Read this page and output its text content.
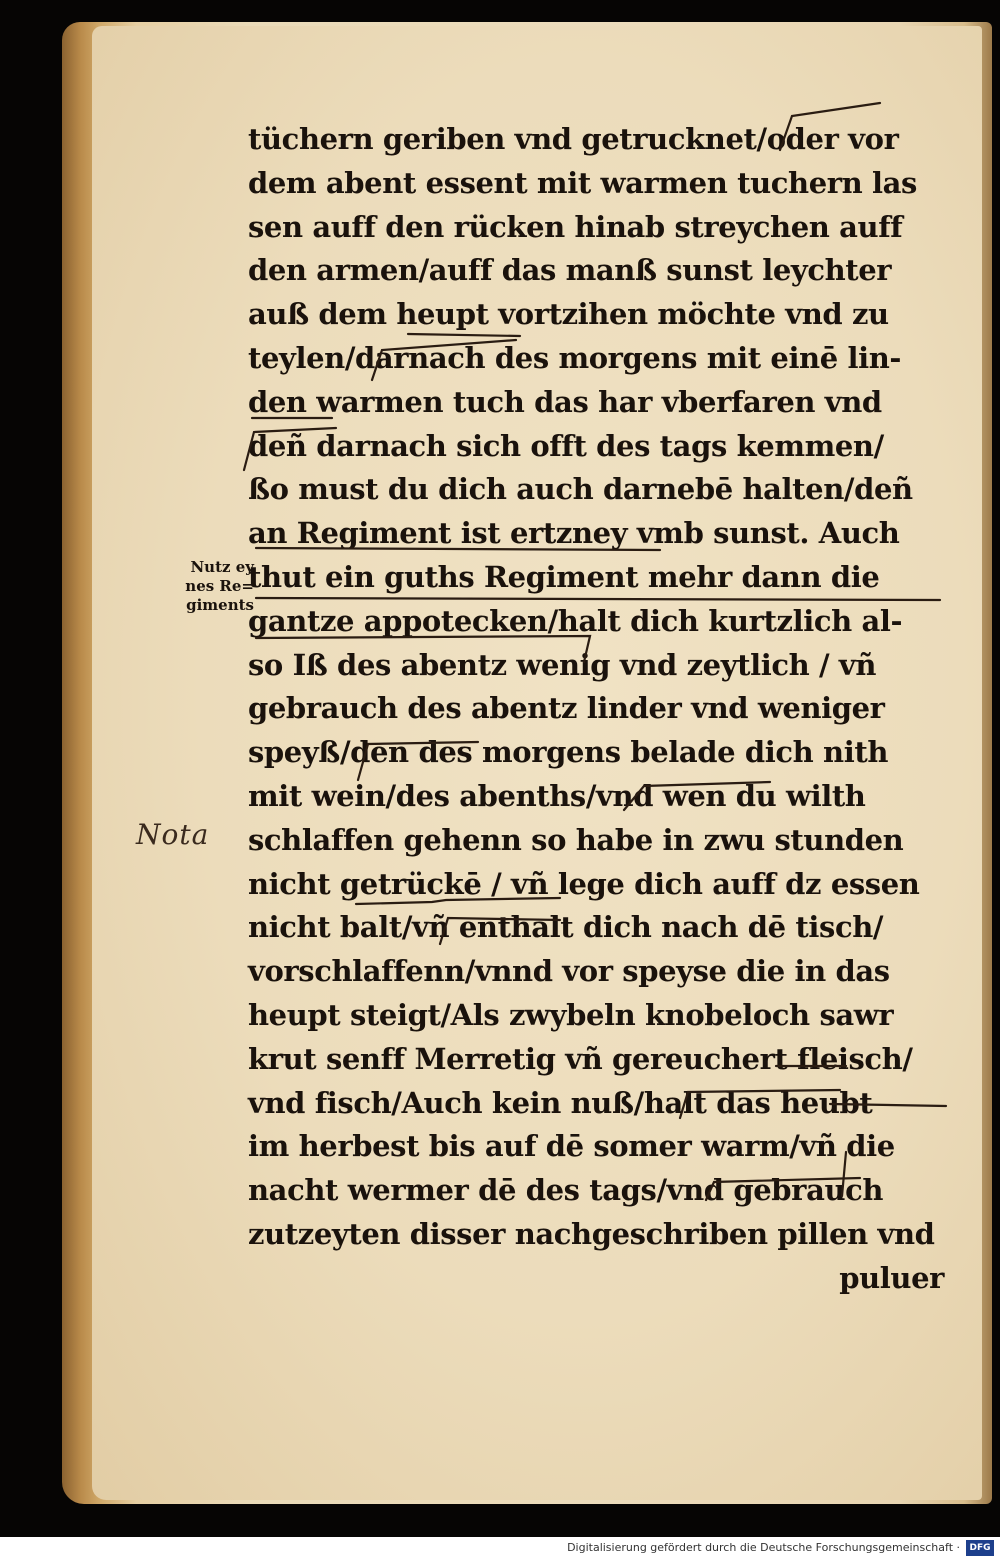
tüchern geriben vnd getrucknet/oder vor
dem abent essent mit warmen tuchern las
sen auff den rücken hinab streychen auff
den armen/auff das manß sunst leychter
auß dem heupt vortzihen möchte vnd zu
teylen/darnach des morgens mit einē lin-
den warmen tuch das har vberfaren vnd
deñ darnach sich offt des tags kemmen/
ßo must du dich auch darnebē halten/deñ
an Regiment ist ertzney vmb sunst. Auch
thut ein guths Regiment mehr dann die
gantze appotecken/halt dich kurtzlich al-
so Iß des abentz wenig vnd zeytlich / vñ
gebrauch des abentz linder vnd weniger
speyß/den des morgens belade dich nith
mit wein/des abenths/vnd wen du wilth
schlaffen gehenn so habe in zwu stunden
nicht getrückē / vñ lege dich auff dz essen
nicht balt/vñ enthalt dich nach dē tisch/
vorschlaffenn/vnnd vor speyse die in das
heupt steigt/Als zwybeln knobeloch sawr
krut senff Merretig vñ gereuchert fleisch/
vnd fisch/Auch kein nuß/halt das heubt
im herbest bis auf dē somer warm/vñ die
nacht wermer dē des tags/vnd gebrauch
zutzeyten disser nachgeschriben pillen vnd
puluer
Nutz ey
nes Re=
giments
Nota
Digitalisierung gefördert durch die Deutsche Forschungsgemeinschaft ·	DFG
